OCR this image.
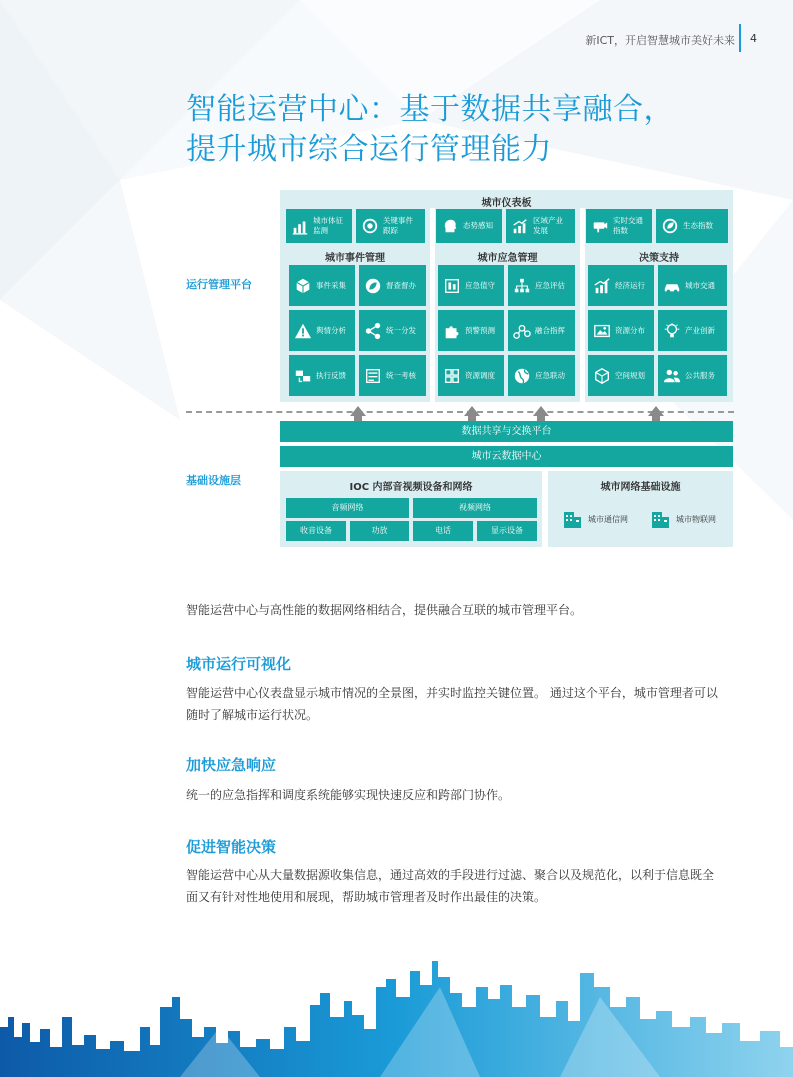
新ICT，开启智慧城市美好未来 4
智能运营中心：基于数据共享融合，
提升城市综合运行管理能力
运行管理平台
基础设施层
城市仪表板
城市体征
监测
关键事件
跟踪
态势感知
区域产业
发展
实时交通
指数
生态指数
城市事件管理	城市应急管理	决策支持
事件采集	督查督办
舆情分析	统一分发
执行反馈	统一考核
应急值守	应急评估
预警预测	融合指挥
资源调度	应急联动
经济运行	城市交通
资源分布	产业创新
空间规划	公共服务
数据共享与交换平台
城市云数据中心
IOC 内部音视频设备和网络
音频网络	视频网络
收音设备	功放	电话	显示设备
城市网络基础设施
城市通信网	城市物联网
智能运营中心与高性能的数据网络相结合，提供融合互联的城市管理平台。
城市运行可视化
智能运营中心仪表盘显示城市情况的全景图，并实时监控关键位置。 通过这个平台，城市管理者可以
随时了解城市运行状况。
加快应急响应
统一的应急指挥和调度系统能够实现快速反应和跨部门协作。
促进智能决策
智能运营中心从大量数据源收集信息，通过高效的手段进行过滤、聚合以及规范化，以利于信息既全
面又有针对性地使用和展现，帮助城市管理者及时作出最佳的决策。
